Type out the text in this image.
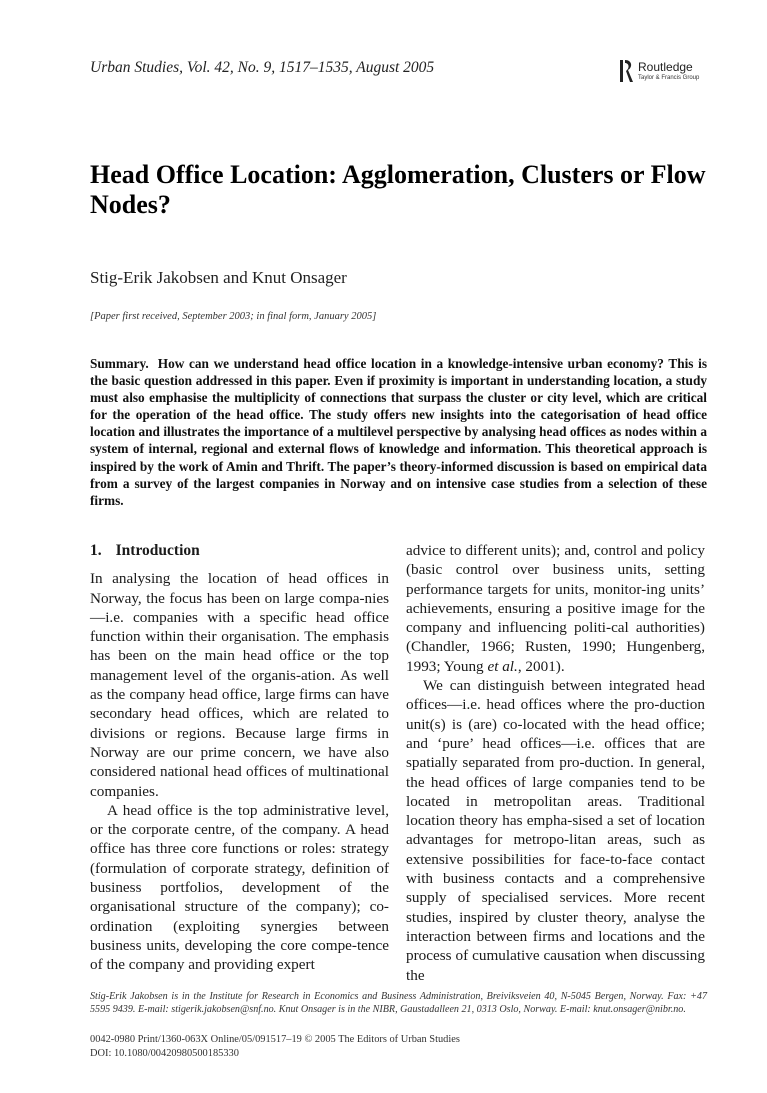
Urban Studies, Vol. 42, No. 9, 1517–1535, August 2005	Routledge
Taylor & Francis Group
Head Office Location: Agglomeration, Clusters or Flow Nodes?
Stig-Erik Jakobsen and Knut Onsager
[Paper first received, September 2003; in final form, January 2005]
Summary. How can we understand head office location in a knowledge-intensive urban economy? This is the basic question addressed in this paper. Even if proximity is important in understanding location, a study must also emphasise the multiplicity of connections that surpass the cluster or city level, which are critical for the operation of the head office. The study offers new insights into the categorisation of head office location and illustrates the importance of a multilevel perspective by analysing head offices as nodes within a system of internal, regional and external flows of knowledge and information. This theoretical approach is inspired by the work of Amin and Thrift. The paper’s theory-informed discussion is based on empirical data from a survey of the largest companies in Norway and on intensive case studies from a selection of these firms.
1. Introduction

In analysing the location of head offices in Norway, the focus has been on large compa-nies—i.e. companies with a specific head office function within their organisation. The emphasis has been on the main head office or the top management level of the organis-ation. As well as the company head office, large firms can have secondary head offices, which are related to divisions or regions. Because large firms in Norway are our prime concern, we have also considered national head offices of multinational companies.

A head office is the top administrative level, or the corporate centre, of the company. A head office has three core functions or roles: strategy (formulation of corporate strategy, definition of business portfolios, development of the organisational structure of the company); co-ordination (exploiting synergies between business units, developing the core compe-tence of the company and providing expert

advice to different units); and, control and policy (basic control over business units, setting performance targets for units, monitor-ing units’ achievements, ensuring a positive image for the company and influencing politi-cal authorities) (Chandler, 1966; Rusten, 1990; Hungenberg, 1993; Young et al., 2001).

We can distinguish between integrated head offices—i.e. head offices where the pro-duction unit(s) is (are) co-located with the head office; and ‘pure’ head offices—i.e. offices that are spatially separated from pro-duction. In general, the head offices of large companies tend to be located in metropolitan areas. Traditional location theory has empha-sised a set of location advantages for metropo-litan areas, such as extensive possibilities for face-to-face contact with business contacts and a comprehensive supply of specialised services. More recent studies, inspired by cluster theory, analyse the interaction between firms and locations and the process of cumulative causation when discussing the

Stig-Erik Jakobsen is in the Institute for Research in Economics and Business Administration, Breiviksveien 40, N-5045 Bergen, Norway. Fax: +47 5595 9439. E-mail: stigerik.jakobsen@snf.no. Knut Onsager is in the NIBR, Gaustadalleen 21, 0313 Oslo, Norway. E-mail: knut.onsager@nibr.no.
0042-0980 Print/1360-063X Online/05/091517–19 © 2005 The Editors of Urban Studies
DOI: 10.1080/00420980500185330
